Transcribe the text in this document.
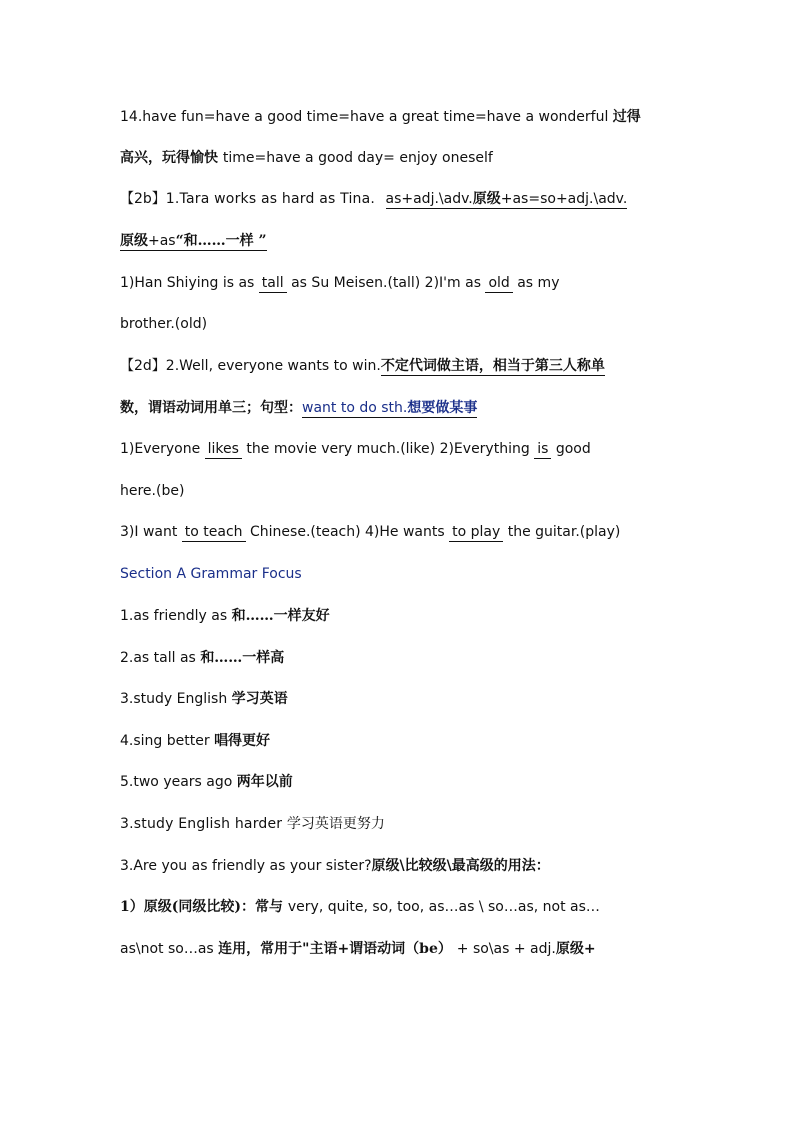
14.have fun=have a good time=have a great time=have a wonderful 过得
高兴，玩得愉快 time=have a good day= enjoy oneself
【2b】1.Tara works as hard as Tina. as+adj.\adv.原级+as=so+adj.\adv.
原级+as“和……一样 ”
1)Han Shiying is as tall as Su Meisen.(tall) 2)I'm as old as my
brother.(old)
【2d】2.Well, everyone wants to win.不定代词做主语，相当于第三人称单
数，谓语动词用单三；句型：want to do sth.想要做某事
1)Everyone likes the movie very much.(like) 2)Everything is good
here.(be)
3)I want to teach Chinese.(teach) 4)He wants to play the guitar.(play)
Section A Grammar Focus
1.as friendly as 和……一样友好
2.as tall as 和……一样高
3.study English 学习英语
4.sing better 唱得更好
5.two years ago 两年以前
3.study English harder 学习英语更努力
3.Are you as friendly as your sister?原级\比较级\最高级的用法：
1）原级(同级比较)：常与 very, quite, so, too, as…as \ so…as, not as…
as\not so…as 连用，常用于"主语+谓语动词（be） + so\as + adj.原级+
